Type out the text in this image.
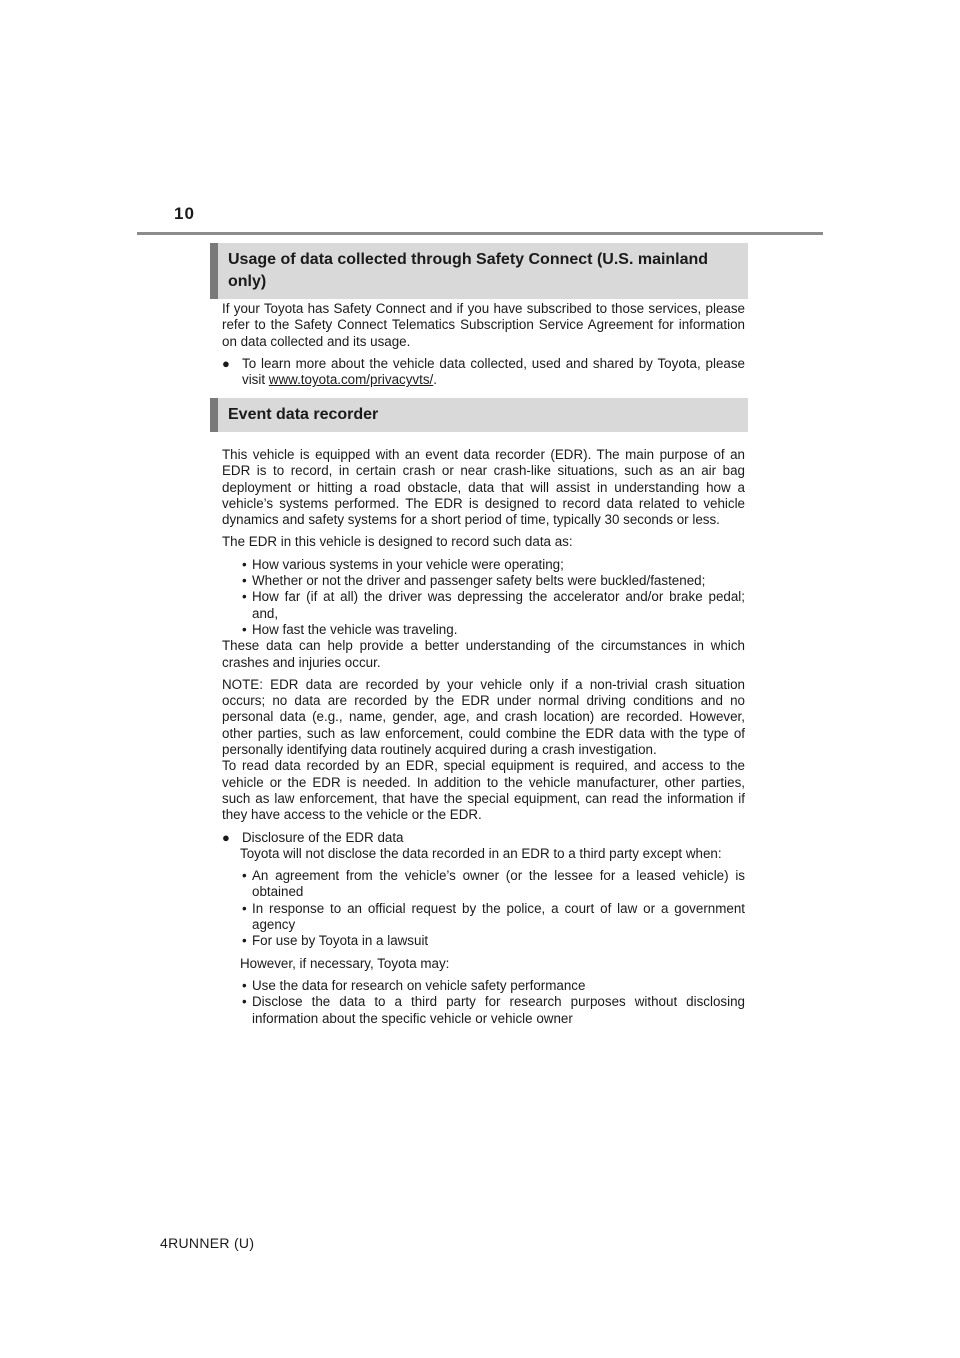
10
Usage of data collected through Safety Connect (U.S. mainland only)

If your Toyota has Safety Connect and if you have subscribed to those services, please refer to the Safety Connect Telematics Subscription Service Agreement for information on data collected and its usage.

● To learn more about the vehicle data collected, used and shared by Toyota, please visit www.toyota.com/privacyvts/.
Event data recorder

This vehicle is equipped with an event data recorder (EDR). The main purpose of an EDR is to record, in certain crash or near crash-like situations, such as an air bag deployment or hitting a road obstacle, data that will assist in understanding how a vehicle’s systems performed. The EDR is designed to record data related to vehicle dynamics and safety systems for a short period of time, typically 30 seconds or less.

The EDR in this vehicle is designed to record such data as:

• How various systems in your vehicle were operating;
• Whether or not the driver and passenger safety belts were buckled/fastened;
• How far (if at all) the driver was depressing the accelerator and/or brake pedal; and,
• How fast the vehicle was traveling.

These data can help provide a better understanding of the circumstances in which crashes and injuries occur.

NOTE: EDR data are recorded by your vehicle only if a non-trivial crash situation occurs; no data are recorded by the EDR under normal driving conditions and no personal data (e.g., name, gender, age, and crash location) are recorded. However, other parties, such as law enforcement, could combine the EDR data with the type of personally identifying data routinely acquired during a crash investigation.

To read data recorded by an EDR, special equipment is required, and access to the vehicle or the EDR is needed. In addition to the vehicle manufacturer, other parties, such as law enforcement, that have the special equipment, can read the information if they have access to the vehicle or the EDR.

● Disclosure of the EDR data

Toyota will not disclose the data recorded in an EDR to a third party except when:

• An agreement from the vehicle’s owner (or the lessee for a leased vehicle) is obtained
• In response to an official request by the police, a court of law or a government agency
• For use by Toyota in a lawsuit

However, if necessary, Toyota may:

• Use the data for research on vehicle safety performance
• Disclose the data to a third party for research purposes without disclosing information about the specific vehicle or vehicle owner
4RUNNER (U)
